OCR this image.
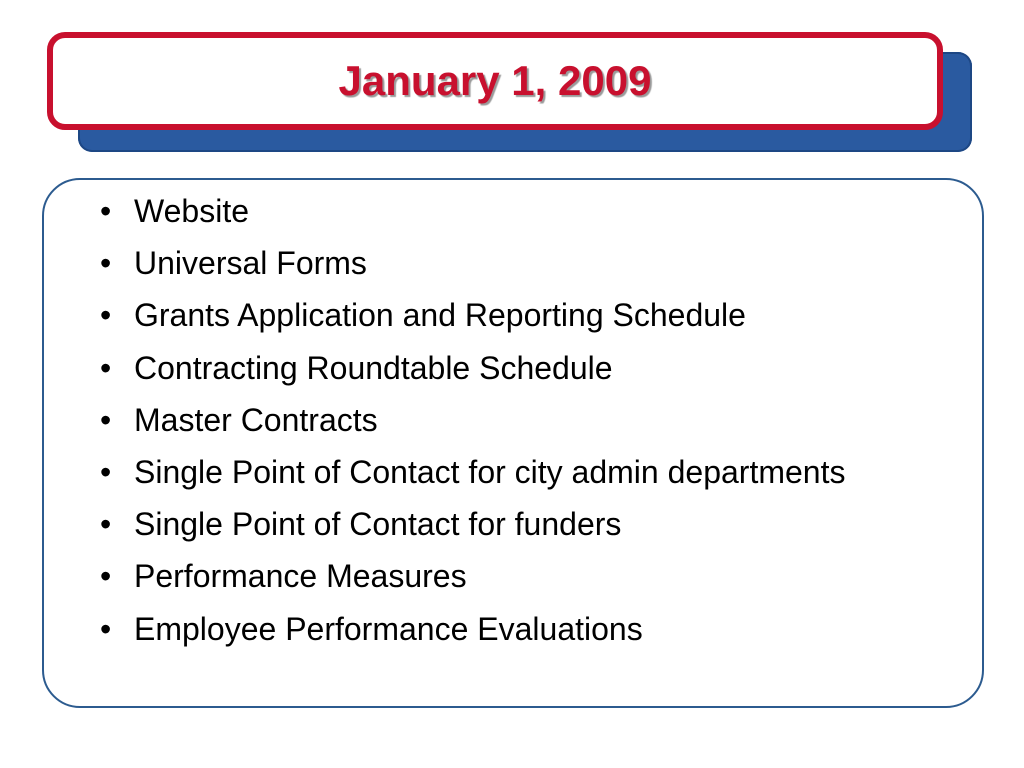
January 1, 2009
• Website
• Universal Forms
• Grants Application and Reporting Schedule
• Contracting Roundtable Schedule
• Master Contracts
• Single Point of Contact for city admin departments
• Single Point of Contact for funders
• Performance Measures
• Employee Performance Evaluations
